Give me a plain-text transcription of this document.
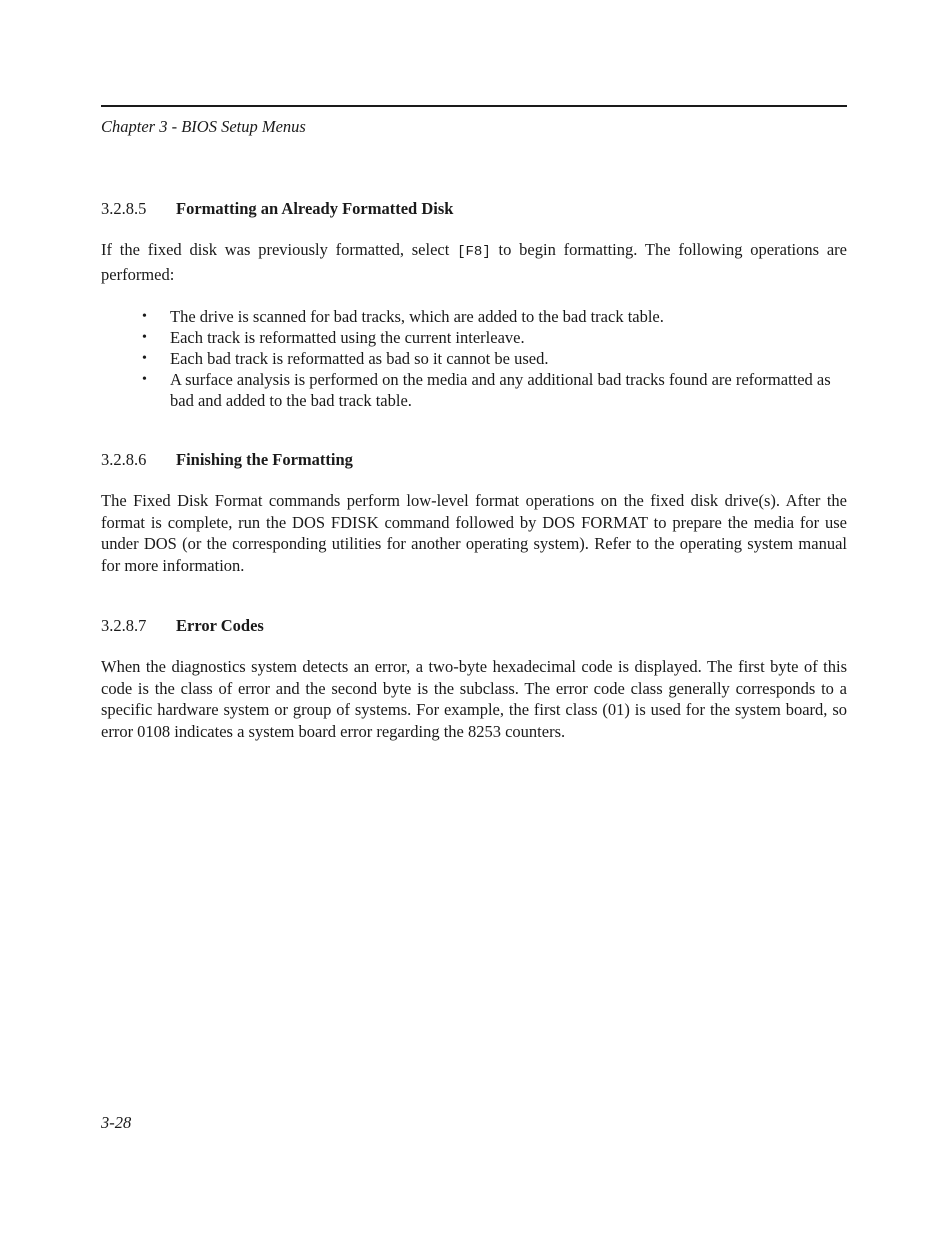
Chapter 3 - BIOS Setup Menus
3.2.8.5 Formatting an Already Formatted Disk

If the fixed disk was previously formatted, select [F8] to begin formatting. The following operations are performed:

• The drive is scanned for bad tracks, which are added to the bad track table.
• Each track is reformatted using the current interleave.
• Each bad track is reformatted as bad so it cannot be used.
• A surface analysis is performed on the media and any additional bad tracks found are reformatted as bad and added to the bad track table.
3.2.8.6 Finishing the Formatting

The Fixed Disk Format commands perform low-level format operations on the fixed disk drive(s). After the format is complete, run the DOS FDISK command followed by DOS FORMAT to prepare the media for use under DOS (or the corresponding utilities for another operating system). Refer to the operating system manual for more information.

3.2.8.7 Error Codes

When the diagnostics system detects an error, a two-byte hexadecimal code is displayed. The first byte of this code is the class of error and the second byte is the subclass. The error code class generally corresponds to a specific hardware system or group of systems. For example, the first class (01) is used for the system board, so error 0108 indicates a system board error regarding the 8253 counters.

3-28
